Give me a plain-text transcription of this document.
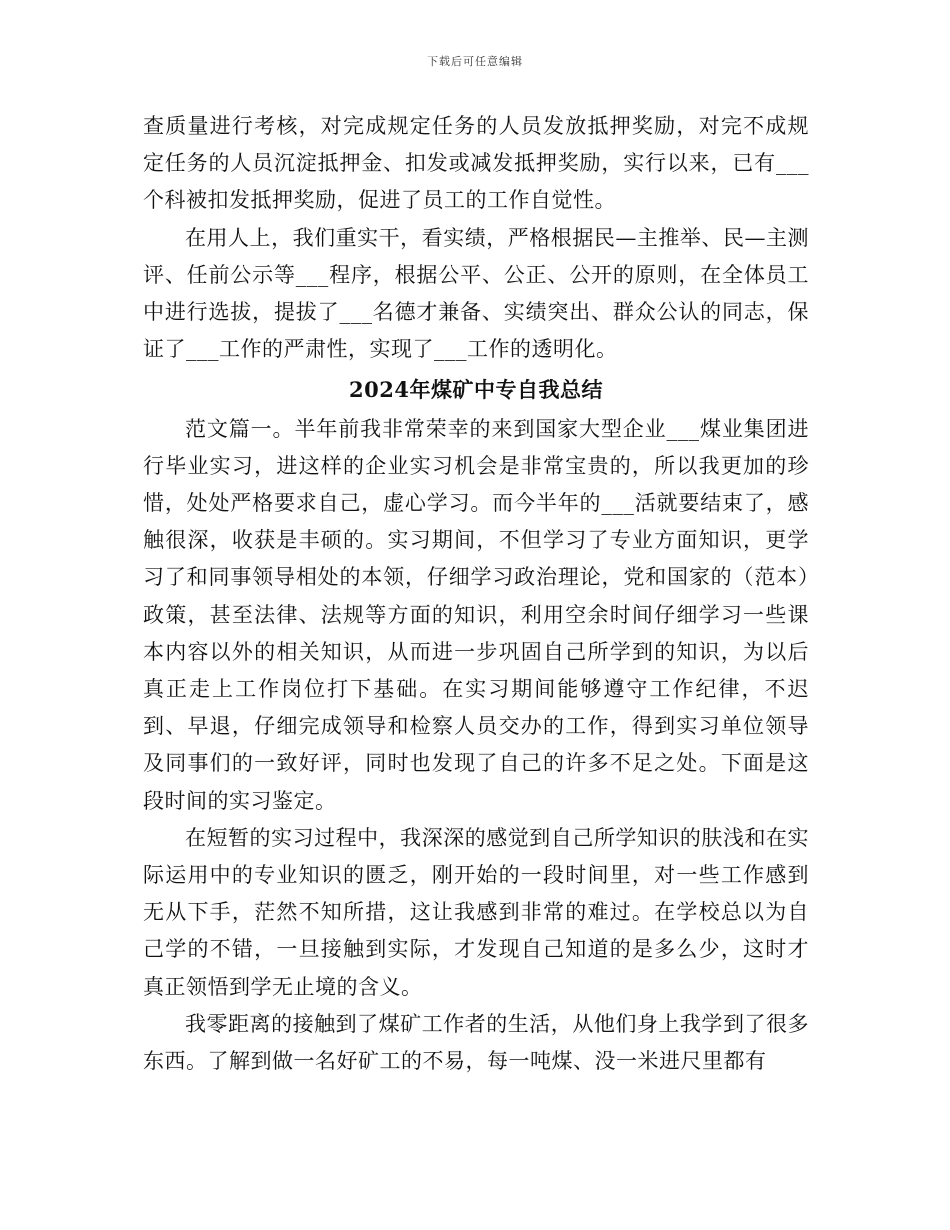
下载后可任意编辑

查质量进行考核，对完成规定任务的人员发放抵押奖励，对完不成规定任务的人员沉淀抵押金、扣发或减发抵押奖励，实行以来，已有___个科被扣发抵押奖励，促进了员工的工作自觉性。

在用人上，我们重实干，看实绩，严格根据民—主推举、民—主测评、任前公示等___程序，根据公平、公正、公开的原则，在全体员工中进行选拔，提拔了___名德才兼备、实绩突出、群众公认的同志，保证了___工作的严肃性，实现了___工作的透明化。

2024年煤矿中专自我总结

范文篇一。半年前我非常荣幸的来到国家大型企业___煤业集团进行毕业实习，进这样的企业实习机会是非常宝贵的，所以我更加的珍惜，处处严格要求自己，虚心学习。而今半年的___活就要结束了，感触很深，收获是丰硕的。实习期间，不但学习了专业方面知识，更学习了和同事领导相处的本领，仔细学习政治理论，党和国家的（范本）政策，甚至法律、法规等方面的知识，利用空余时间仔细学习一些课本内容以外的相关知识，从而进一步巩固自己所学到的知识，为以后真正走上工作岗位打下基础。在实习期间能够遵守工作纪律，不迟到、早退，仔细完成领导和检察人员交办的工作，得到实习单位领导及同事们的一致好评，同时也发现了自己的许多不足之处。下面是这段时间的实习鉴定。

在短暂的实习过程中，我深深的感觉到自己所学知识的肤浅和在实际运用中的专业知识的匮乏，刚开始的一段时间里，对一些工作感到无从下手，茫然不知所措，这让我感到非常的难过。在学校总以为自己学的不错，一旦接触到实际，才发现自己知道的是多么少，这时才真正领悟到学无止境的含义。

我零距离的接触到了煤矿工作者的生活，从他们身上我学到了很多东西。了解到做一名好矿工的不易，每一吨煤、没一米进尺里都有
